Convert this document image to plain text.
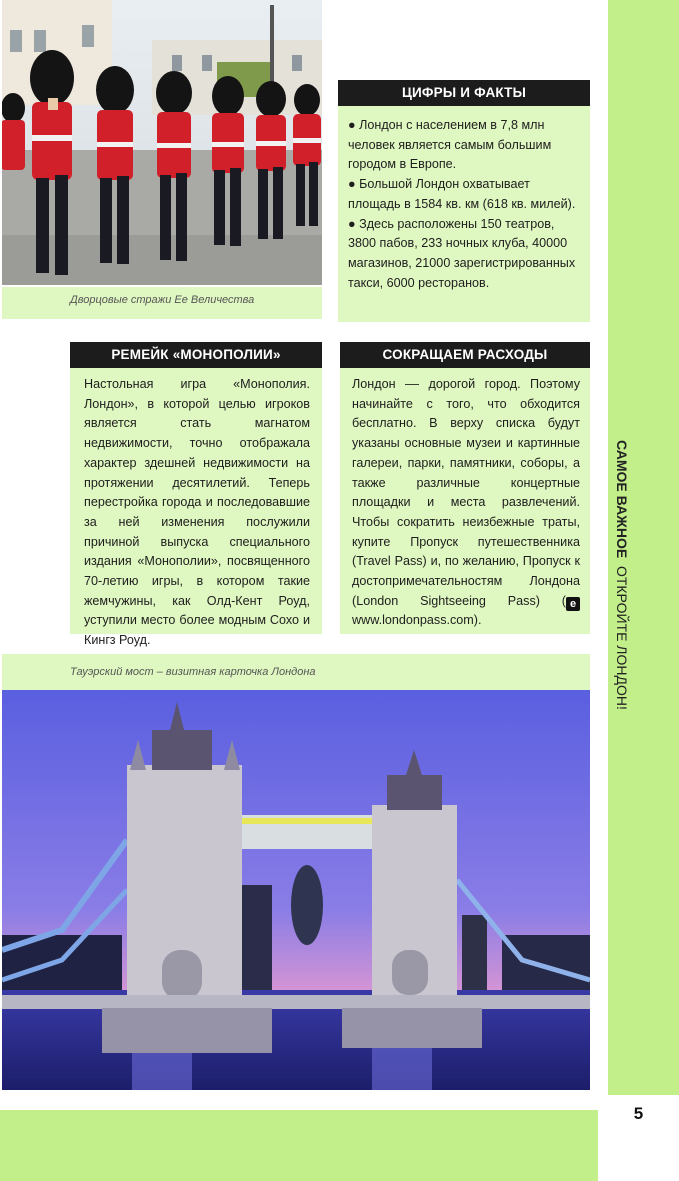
САМОЕ ВАЖНОЕ  ОТКРОЙТЕ ЛОНДОН!
5
Дворцовые стражи Ее Величества
ЦИФРЫ И ФАКТЫ
● Лондон с населением в 7,8 млн человек является самым большим городом в Европе.
● Большой Лондон охватывает площадь в 1584 кв. км (618 кв. милей).
● Здесь расположены 150 театров, 3800 пабов, 233 ночных клуба, 40000 магазинов, 21000 зарегистрированных такси, 6000 ресторанов.
РЕМЕЙК «МОНОПОЛИИ»
Настольная игра «Монополия. Лондон», в которой целью игроков является стать магнатом недвижимости, точно отображала характер здешней недвижимости на протяжении десятилетий. Теперь перестройка города и последовавшие за ней изменения послужили причиной выпуска специального издания «Монополии», посвященного 70-летию игры, в котором такие жемчужины, как Олд-Кент Роуд, уступили место более модным Сохо и Кингз Роуд.
СОКРАЩАЕМ РАСХОДЫ
Лондон –– дорогой город. Поэтому начинайте с того, что обходится бесплатно. В верху списка будут указаны основные музеи и картинные галереи, парки, памятники, соборы, а также различные концертные площадки и места развлечений. Чтобы сократить неизбежные траты, купите Пропуск путешественника (Travel Pass) и, по желанию, Пропуск к достопримечательностям Лондона (London Sightseeing Pass) ( e www.londonpass.com).
Тауэрский мост – визитная карточка Лондона
